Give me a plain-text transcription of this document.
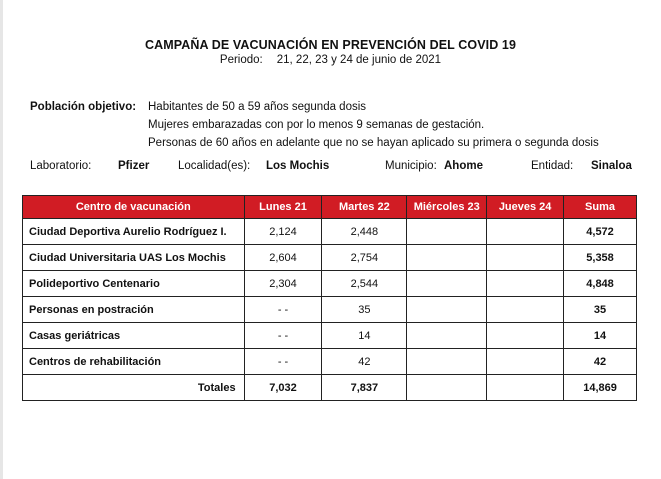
CAMPAÑA DE VACUNACIÓN EN PREVENCIÓN DEL COVID 19
Periodo: 21, 22, 23 y 24 de junio de 2021
Población objetivo: Habitantes de 50 a 59 años segunda dosis
Mujeres embarazadas con por lo menos 9 semanas de gestación.
Personas de 60 años en adelante que no se hayan aplicado su primera o segunda dosis
Laboratorio: Pfizer Localidad(es): Los Mochis	Municipio: Ahome	Entidad: Sinaloa
Centro de vacunación	Lunes 21	Martes 22	Miércoles 23	Jueves 24	Suma
Ciudad Deportiva Aurelio Rodríguez I.	2,124	2,448			4,572
Ciudad Universitaria UAS Los Mochis	2,604	2,754			5,358
Polideportivo Centenario	2,304	2,544			4,848
Personas en postración	- -	35			35
Casas geriátricas	- -	14			14
Centros de rehabilitación	- -	42			42
Totales	7,032	7,837			14,869
